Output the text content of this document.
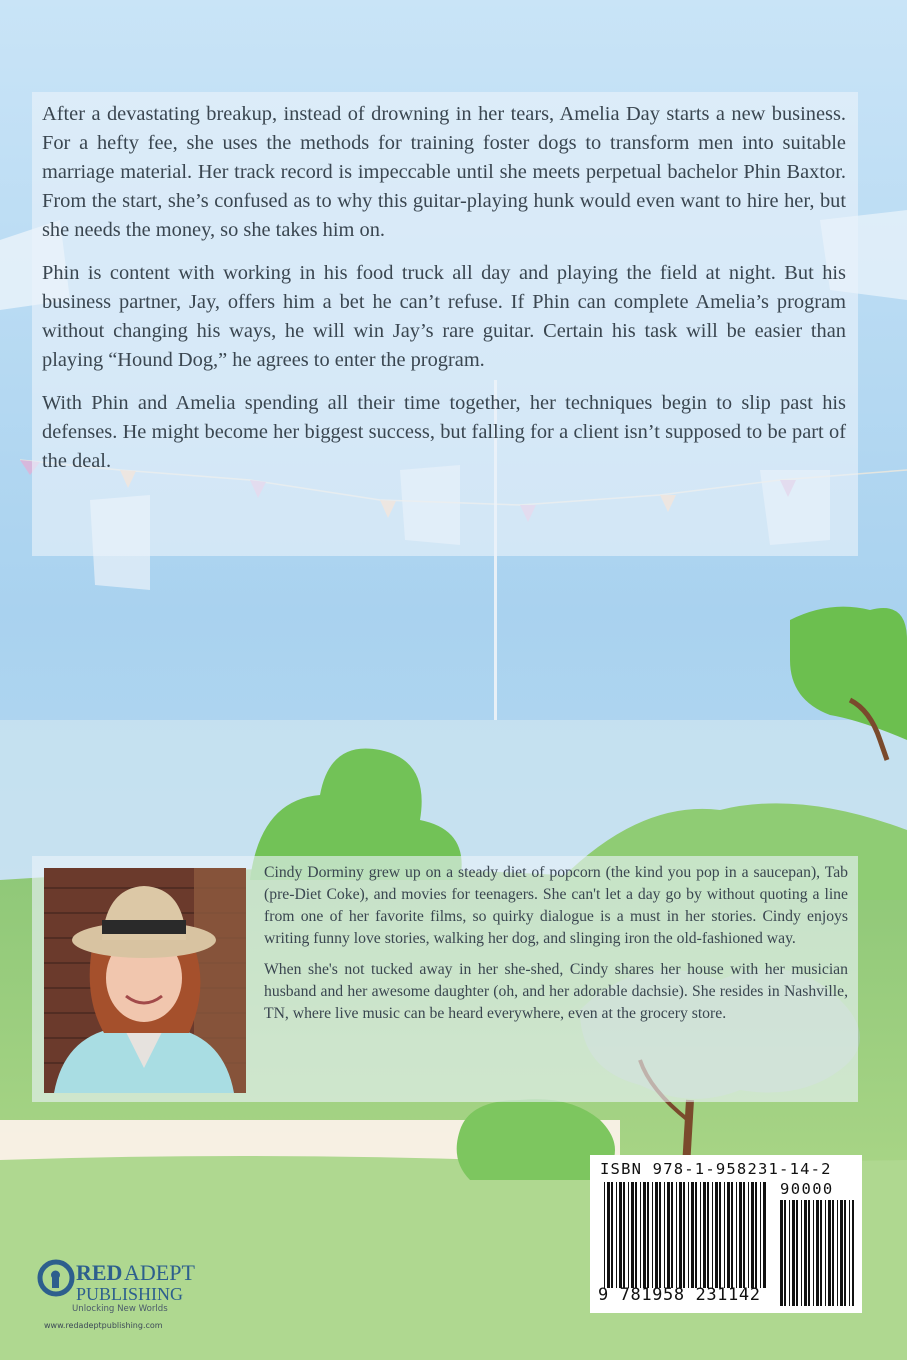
After a devastating breakup, instead of drowning in her tears, Amelia Day starts a new business. For a hefty fee, she uses the methods for training foster dogs to transform men into suitable marriage material. Her track record is impeccable until she meets perpetual bachelor Phin Baxtor. From the start, she’s confused as to why this guitar-playing hunk would even want to hire her, but she needs the money, so she takes him on.

Phin is content with working in his food truck all day and playing the field at night. But his business partner, Jay, offers him a bet he can’t refuse. If Phin can complete Amelia’s program without changing his ways, he will win Jay’s rare guitar. Certain his task will be easier than playing “Hound Dog,” he agrees to enter the program.

With Phin and Amelia spending all their time together, her techniques begin to slip past his defenses. He might become her biggest success, but falling for a client isn’t supposed to be part of the deal.

Cindy Dorminy grew up on a steady diet of popcorn (the kind you pop in a saucepan), Tab (pre-Diet Coke), and movies for teenagers. She can't let a day go by without quoting a line from one of her favorite films, so quirky dialogue is a must in her stories. Cindy enjoys writing funny love stories, walking her dog, and slinging iron the old-fashioned way.

When she's not tucked away in her she-shed, Cindy shares her house with her musician husband and her awesome daughter (oh, and her adorable dachsie). She resides in Nashville, TN, where live music can be heard everywhere, even at the grocery store.

ISBN 978-1-958231-14-2
90000
9 781958 231142
RED ADEPT
PUBLISHING
Unlocking New Worlds
www.redadeptpublishing.com
